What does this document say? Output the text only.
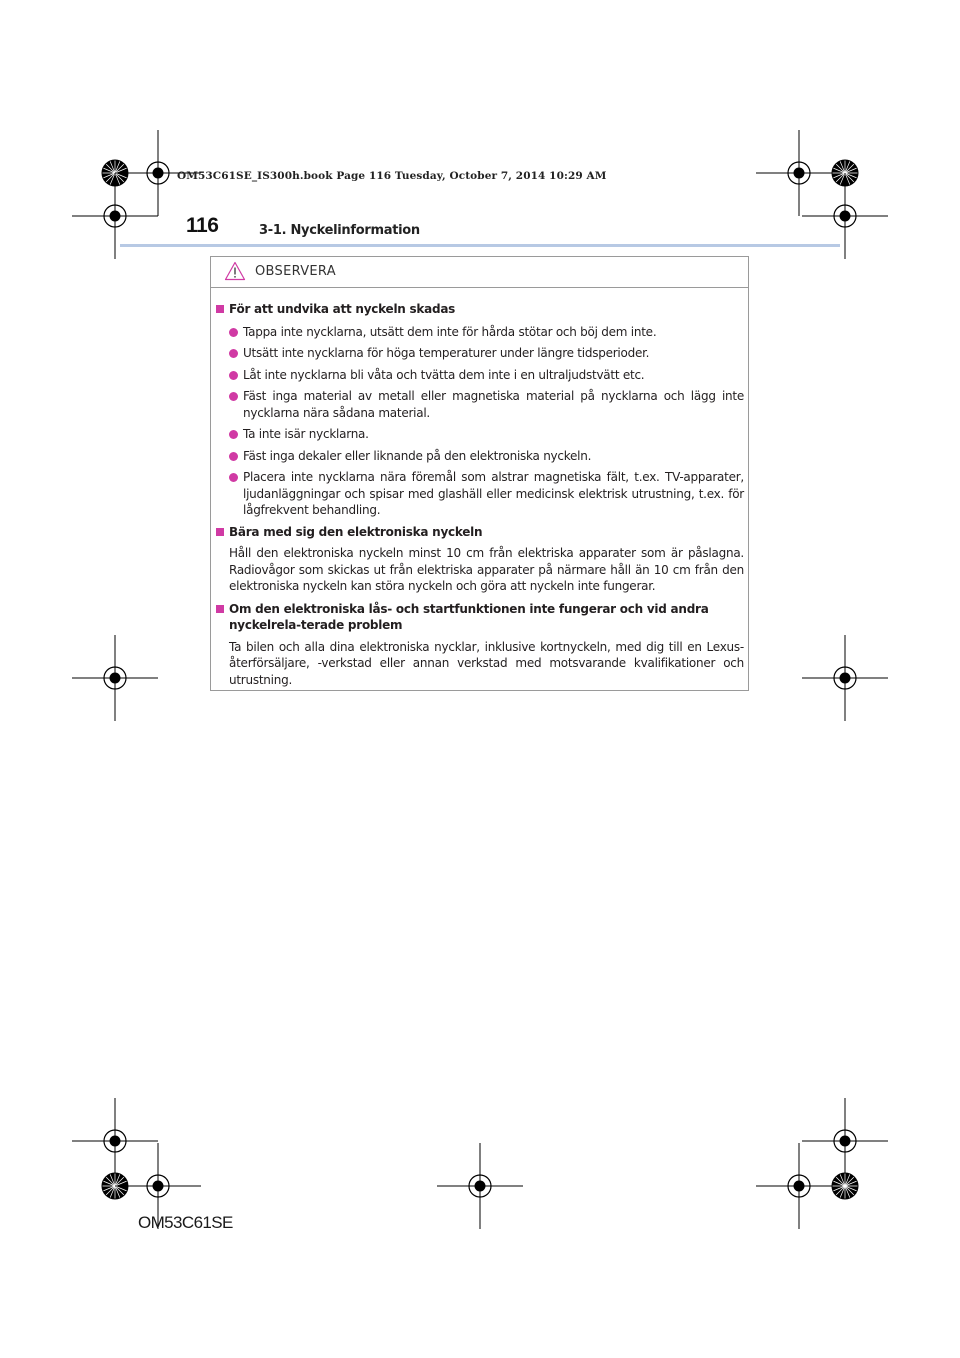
OM53C61SE_IS300h.book Page 116 Tuesday, October 7, 2014 10:29 AM
116	3-1. Nyckelinformation
OBSERVERA
För att undvika att nyckeln skadas
Tappa inte nycklarna, utsätt dem inte för hårda stötar och böj dem inte.
Utsätt inte nycklarna för höga temperaturer under längre tidsperioder.
Låt inte nycklarna bli våta och tvätta dem inte i en ultraljudstvätt etc.
Fäst inga material av metall eller magnetiska material på nycklarna och lägg inte nycklarna nära sådana material.
Ta inte isär nycklarna.
Fäst inga dekaler eller liknande på den elektroniska nyckeln.
Placera inte nycklarna nära föremål som alstrar magnetiska fält, t.ex. TV-apparater, ljudanläggningar och spisar med glashäll eller medicinsk elektrisk utrustning, t.ex. för lågfrekvent behandling.
Bära med sig den elektroniska nyckeln
Håll den elektroniska nyckeln minst 10 cm från elektriska apparater som är påslagna. Radiovågor som skickas ut från elektriska apparater på närmare håll än 10 cm från den elektroniska nyckeln kan störa nyckeln och göra att nyckeln inte fungerar.
Om den elektroniska lås- och startfunktionen inte fungerar och vid andra nyckelrela-terade problem
Ta bilen och alla dina elektroniska nycklar, inklusive kortnyckeln, med dig till en Lexus-återförsäljare, -verkstad eller annan verkstad med motsvarande kvalifikationer och utrustning.
OM53C61SE
